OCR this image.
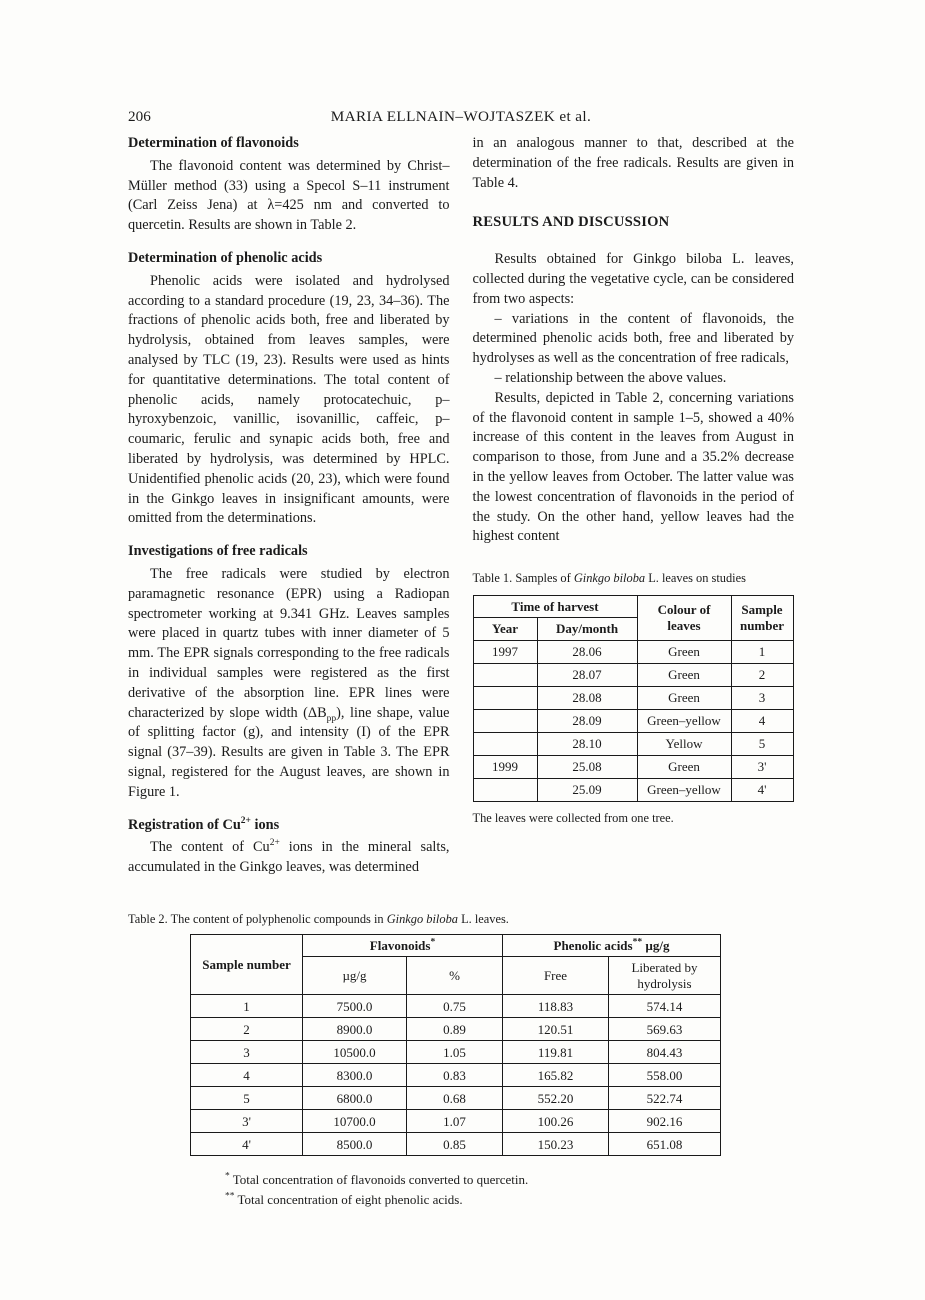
206	MARIA ELLNAIN–WOJTASZEK et al.
Determination of flavonoids

The flavonoid content was determined by Christ–Müller method (33) using a Specol S–11 instrument (Carl Zeiss Jena) at λ=425 nm and converted to quercetin. Results are shown in Table 2.

Determination of phenolic acids

Phenolic acids were isolated and hydrolysed according to a standard procedure (19, 23, 34–36). The fractions of phenolic acids both, free and liberated by hydrolysis, obtained from leaves samples, were analysed by TLC (19, 23). Results were used as hints for quantitative determinations. The total content of phenolic acids, namely protocatechuic, p–hyroxybenzoic, vanillic, isovanillic, caffeic, p–coumaric, ferulic and synapic acids both, free and liberated by hydrolysis, was determined by HPLC. Unidentified phenolic acids (20, 23), which were found in the Ginkgo leaves in insignificant amounts, were omitted from the determinations.

Investigations of free radicals

The free radicals were studied by electron paramagnetic resonance (EPR) using a Radiopan spectrometer working at 9.341 GHz. Leaves samples were placed in quartz tubes with inner diameter of 5 mm. The EPR signals corresponding to the free radicals in individual samples were registered as the first derivative of the absorption line. EPR lines were characterized by slope width $(\Delta B_{pp})$, line shape, value of splitting factor (g), and intensity (I) of the EPR signal (37–39). Results are given in Table 3. The EPR signal, registered for the August leaves, are shown in Figure 1.

Registration of $Cu^{2+}$ ions

The content of $Cu^{2+}$ ions in the mineral salts, accumulated in the Ginkgo leaves, was determined

in an analogous manner to that, described at the determination of the free radicals. Results are given in Table 4.

RESULTS AND DISCUSSION

Results obtained for Ginkgo biloba L. leaves, collected during the vegetative cycle, can be considered from two aspects:

– variations in the content of flavonoids, the determined phenolic acids both, free and liberated by hydrolyses as well as the concentration of free radicals,

– relationship between the above values.

Results, depicted in Table 2, concerning variations of the flavonoid content in sample 1–5, showed a 40% increase of this content in the leaves from August in comparison to those, from June and a 35.2% decrease in the yellow leaves from October. The latter value was the lowest concentration of flavonoids in the period of the study. On the other hand, yellow leaves had the highest content

Table 1. Samples of Ginkgo biloba L. leaves on studies

Time of harvest		Colour of leaves	Sample number
Year	Day/month		
1997	28.06	Green	1
	28.07	Green	2
	28.08	Green	3
	28.09	Green–yellow	4
	28.10	Yellow	5
1999	25.08	Green	3'
	25.09	Green–yellow	4'

The leaves were collected from one tree.

Table 2. The content of polyphenolic compounds in Ginkgo biloba L. leaves.

Sample number	Flavonoids*		Phenolic acids** µg/g	
	µg/g	%	Free	Liberated by hydrolysis
1	7500.0	0.75	118.83	574.14
2	8900.0	0.89	120.51	569.63
3	10500.0	1.05	119.81	804.43
4	8300.0	0.83	165.82	558.00
5	6800.0	0.68	552.20	522.74
3'	10700.0	1.07	100.26	902.16
4'	8500.0	0.85	150.23	651.08

* Total concentration of flavonoids converted to quercetin.

** Total concentration of eight phenolic acids.
